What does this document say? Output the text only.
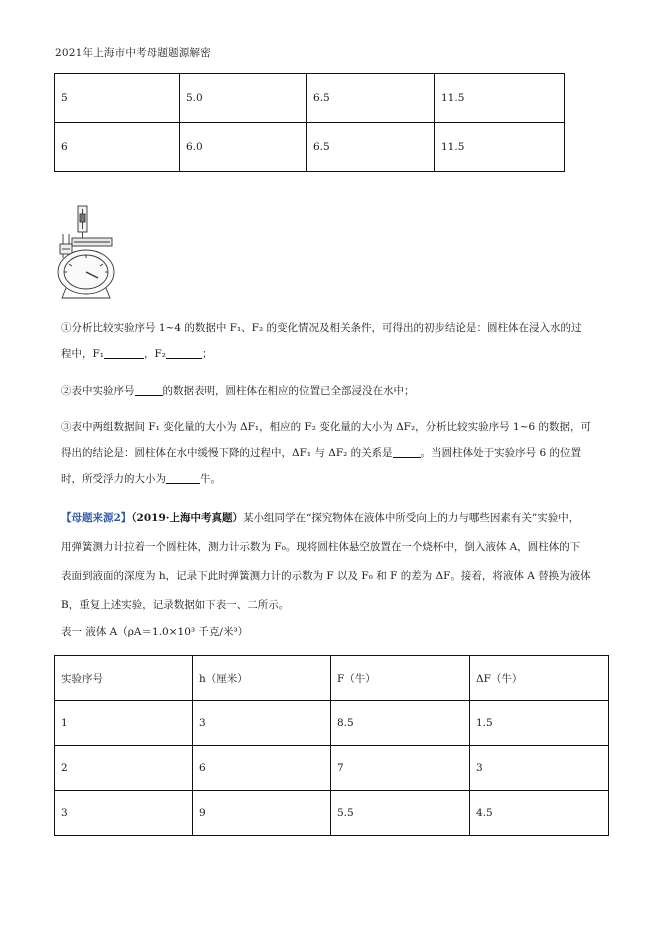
2021年上海市中考母题题源解密
5	5.0	6.5	11.5
6	6.0	6.5	11.5
①分析比较实验序号 1~4 的数据中 F₁、F₂ 的变化情况及相关条件，可得出的初步结论是：圆柱体在浸入水的过
程中，F₁	，F₂	；
②表中实验序号	的数据表明，圆柱体在相应的位置已全部浸没在水中；
③表中两组数据间 F₁ 变化量的大小为 ΔF₁，相应的 F₂ 变化量的大小为 ΔF₂，分析比较实验序号 1~6 的数据，可
得出的结论是：圆柱体在水中缓慢下降的过程中，ΔF₁ 与 ΔF₂ 的关系是	。当圆柱体处于实验序号 6 的位置
时，所受浮力的大小为	牛。
【母题来源2】（2019·上海中考真题）某小组同学在“探究物体在液体中所受向上的力与哪些因素有关”实验中，
用弹簧测力计拉着一个圆柱体，测力计示数为 F₀。现将圆柱体悬空放置在一个烧杯中，倒入液体 A，圆柱体的下
表面到液面的深度为 h，记录下此时弹簧测力计的示数为 F 以及 F₀ 和 F 的差为 ΔF。接着，将液体 A 替换为液体
B，重复上述实验，记录数据如下表一、二所示。
表一 液体 A（ρA＝1.0×10³ 千克/米³）
实验序号	h（厘米）	F（牛）	ΔF（牛）
1	3	8.5	1.5
2	6	7	3
3	9	5.5	4.5
